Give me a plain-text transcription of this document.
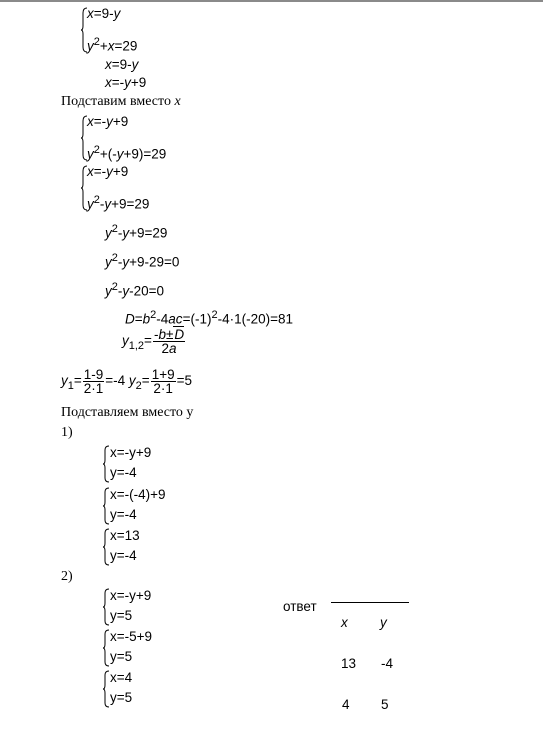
x=9-y
$y^2+x=29$
x=9-y
x=-y+9
Подставим вместо x
x=-y+9
$y^2+(-y+9)=29$
x=-y+9
$y^2-y+9=29$
$y^2-y+9=29$
$y^2-y+9-29=0$
$y^2-y-20=0$
$D=b^2-4ac=(-1)^2-4\cdot 1(-20)=81$
$y_{1,2}= \frac{-b\pm D}{2a}$
$y_1= \frac{1-9}{2\cdot 1} =-4$ $y_2= \frac{1+9}{2\cdot 1} =5$
Подставляем вместо у
1)
x=-y+9
y=-4
x=-(-4)+9
y=-4
x=13
y=-4
2)
x=-y+9
y=5
x=-5+9
y=5
x=4
y=5
ответ
x y
13 -4
4 5
